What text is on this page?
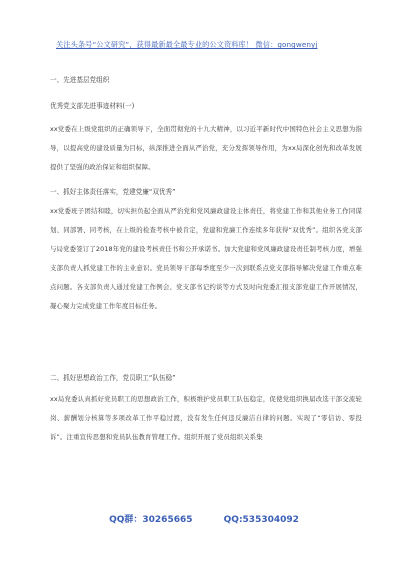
关注头条号“公文研究”，获得最新最全最专业的公文资料库！ 微信：gongwenyj
一、先进基层党组织
优秀党支部先进事迹材料(一)
xx党委在上级党组织的正确领导下，全面贯彻党的十九大精神，以习近平新时代中国特色社会主义思想为指导，以提高党的建设质量为目标，纵深推进全面从严治党，充分发挥领导作用，为xx局深化创先和改革发展提供了坚强的政治保证和组织保障。
一、抓好主体责任落实，党建党廉“双优秀”
xx党委班子团结和睦，切实担负起全面从严治党和党风廉政建设主体责任，将党建工作和其他业务工作同谋划、同部署、同考核，在上级的检查考核中被肯定，党建和党廉工作连续多年获得“双优秀”。组织各党支部与局党委签订了2018年党的建设考核责任书和公开承诺书。加大党建和党风廉政建设责任制考核力度，增强支部负责人抓党建工作的主业意识。党员领导干部每季度至少一次到联系点党支部指导解决党建工作重点难点问题。各支部负责人通过党建工作例会、党支部书记约谈等方式及时向党委汇报支部党建工作开展情况，凝心聚力完成党建工作年度目标任务。
二、抓好思想政治工作，党员职工“队伍稳”
xx局党委认真抓好党员职工的思想政治工作，积极维护党员职工队伍稳定，促使党组织换届改选干部交流轮岗、薪酬划分核算等多项改革工作平稳过渡，没有发生任何违反廉洁自律的问题。实现了“零信访、零投诉”。注重宣传思想和党员队伍教育管理工作。组织开展了党员组织关系集
QQ群：30265665	QQ:535304092
